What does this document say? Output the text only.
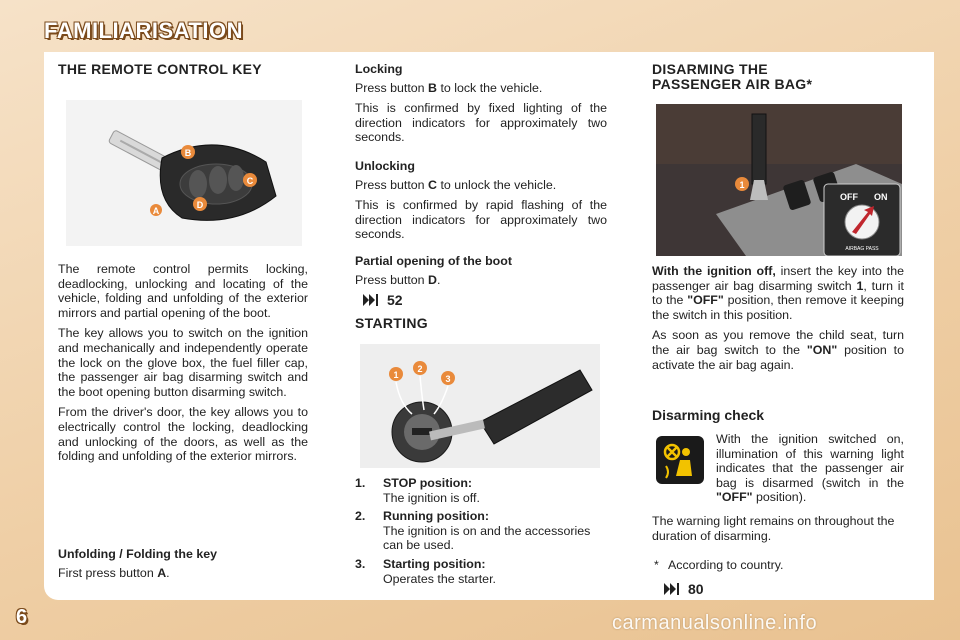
FAMILIARISATION
THE REMOTE CONTROL KEY
A
B
C
D

The remote control permits locking, deadlocking, unlocking and locating of the vehicle, folding and unfolding of the exterior mirrors and partial opening of the boot.

The key allows you to switch on the ignition and mechanically and independently operate the lock on the glove box, the fuel filler cap, the passenger air bag disarming switch and the boot opening button disarming switch.

From the driver's door, the key allows you to electrically control the locking, deadlocking and unlocking of the doors, as well as the folding and unfolding of the exterior mirrors.

Unfolding / Folding the key

First press button A.

Locking

Press button B to lock the vehicle.

This is confirmed by fixed lighting of the direction indicators for approximately two seconds.

Unlocking

Press button C to unlock the vehicle.

This is confirmed by rapid flashing of the direction indicators for approximately two seconds.

Partial opening of the boot

Press button D.

52
STARTING
1
2
3
1. STOP position:
The ignition is off.
2. Running position:
The ignition is on and the accessories can be used.
3. Starting position:
Operates the starter.
DISARMING THE
PASSENGER AIR BAG*
1
OFF ON
AIRBAG PASS

With the ignition off, insert the key into the passenger air bag disarming switch 1, turn it to the "OFF" position, then remove it keeping the switch in this position.

As soon as you remove the child seat, turn the air bag switch to the "ON" position to activate the air bag again.

Disarming check

With the ignition switched on, illumination of this warning light indicates that the passenger air bag is disarmed (switch in the "OFF" position).

The warning light remains on throughout the duration of disarming.

* According to country.
80
6	carmanualsonline.info
